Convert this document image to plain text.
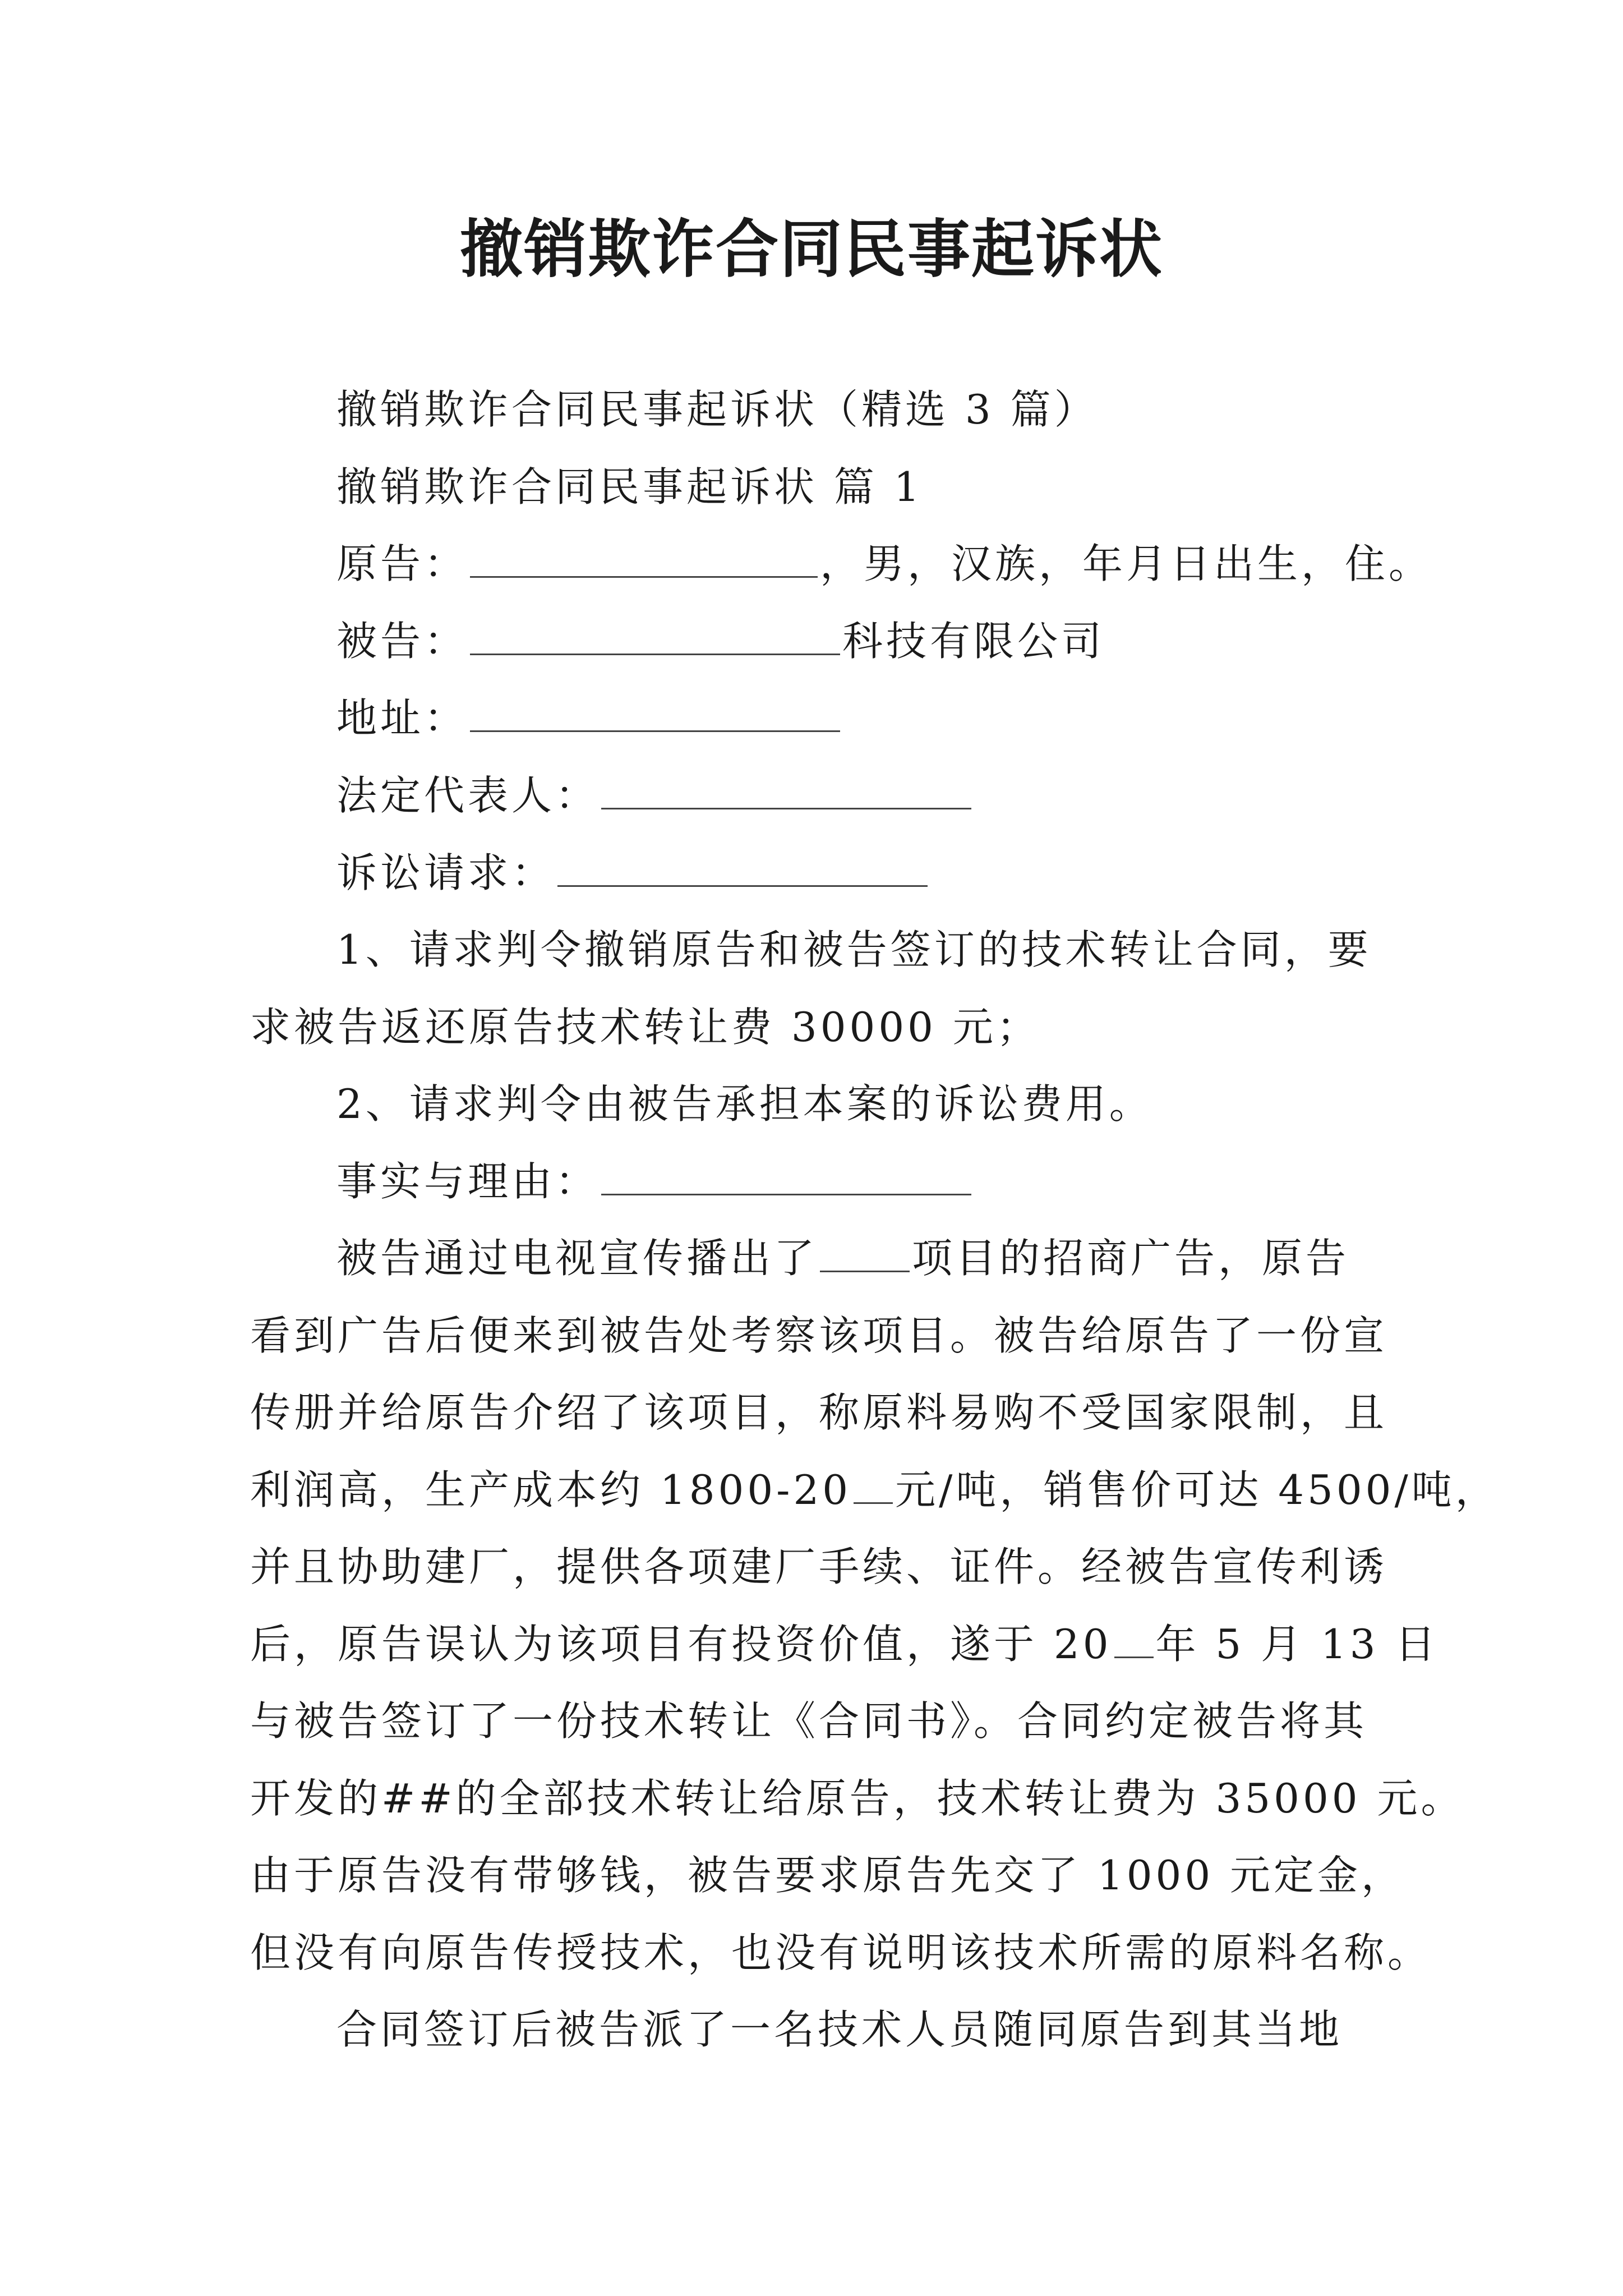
撤销欺诈合同民事起诉状
撤销欺诈合同民事起诉状（精选 3 篇）
撤销欺诈合同民事起诉状 篇 1
原告：	，男，汉族，年月日出生，住。
被告：	科技有限公司
地址：
法定代表人：
诉讼请求：
1、请求判令撤销原告和被告签订的技术转让合同，要
求被告返还原告技术转让费 30000 元；
2、请求判令由被告承担本案的诉讼费用。
事实与理由：
被告通过电视宣传播出了 项目的招商广告，原告
看到广告后便来到被告处考察该项目。被告给原告了一份宣
传册并给原告介绍了该项目，称原料易购不受国家限制，且
利润高，生产成本约 1800-20 元/吨，销售价可达 4500/吨，
并且协助建厂，提供各项建厂手续、证件。经被告宣传利诱
后，原告误认为该项目有投资价值，遂于 20 年 5 月 13 日
与被告签订了一份技术转让《合同书》。合同约定被告将其
开发的##的全部技术转让给原告，技术转让费为 35000 元。
由于原告没有带够钱，被告要求原告先交了 1000 元定金，
但没有向原告传授技术，也没有说明该技术所需的原料名称。
合同签订后被告派了一名技术人员随同原告到其当地
